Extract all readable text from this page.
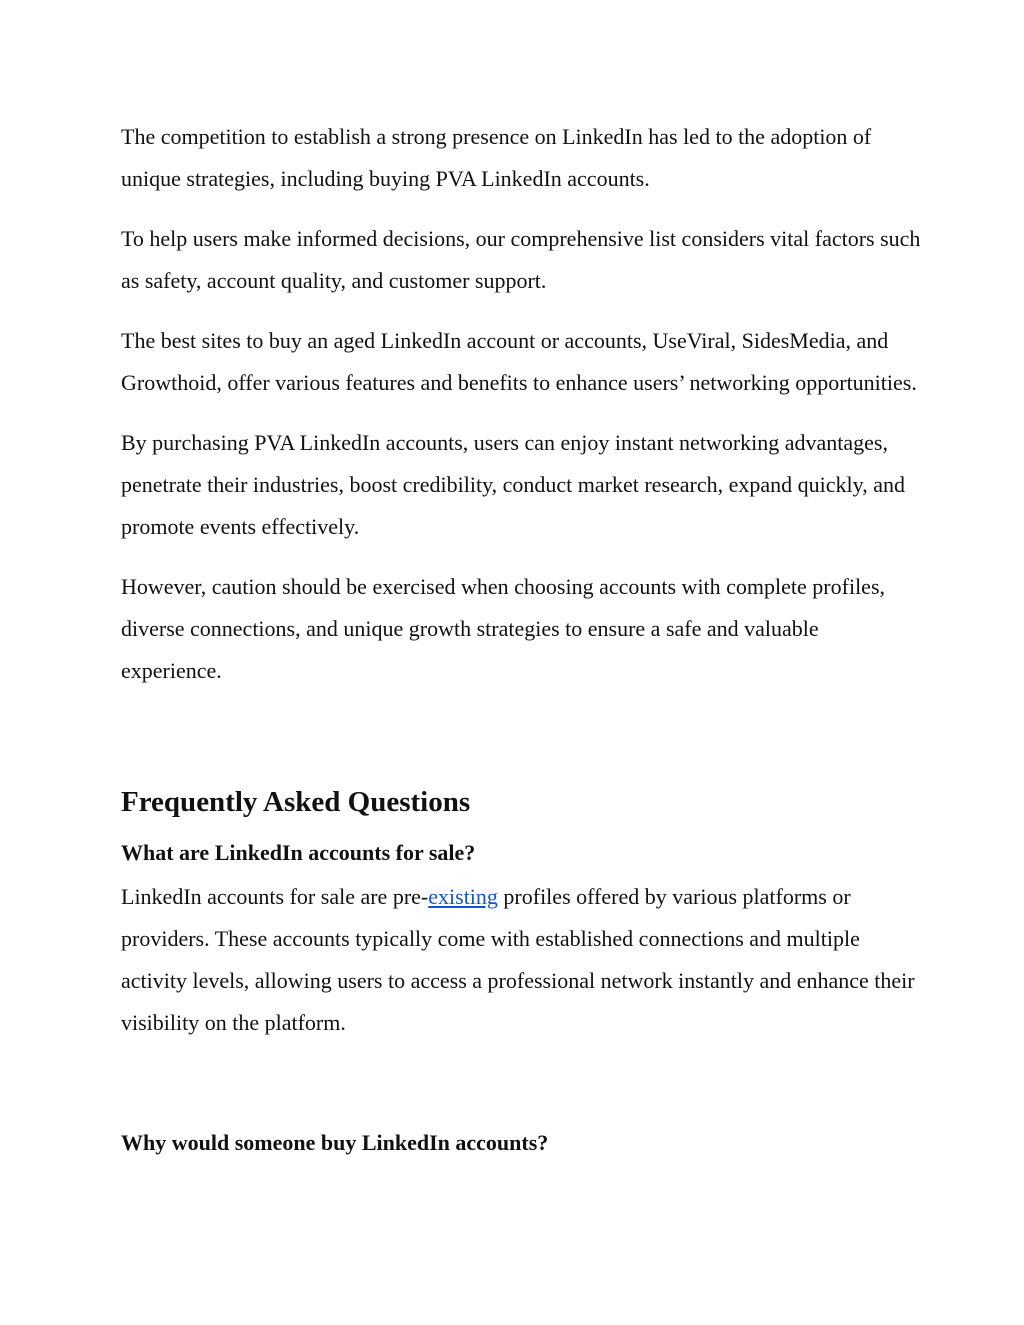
The competition to establish a strong presence on LinkedIn has led to the adoption of unique strategies, including buying PVA LinkedIn accounts.

To help users make informed decisions, our comprehensive list considers vital factors such as safety, account quality, and customer support.

The best sites to buy an aged LinkedIn account or accounts, UseViral, SidesMedia, and Growthoid, offer various features and benefits to enhance users’ networking opportunities.

By purchasing PVA LinkedIn accounts, users can enjoy instant networking advantages, penetrate their industries, boost credibility, conduct market research, expand quickly, and promote events effectively.

However, caution should be exercised when choosing accounts with complete profiles, diverse connections, and unique growth strategies to ensure a safe and valuable experience.

Frequently Asked Questions
What are LinkedIn accounts for sale?

LinkedIn accounts for sale are pre-existing profiles offered by various platforms or providers. These accounts typically come with established connections and multiple activity levels, allowing users to access a professional network instantly and enhance their visibility on the platform.

Why would someone buy LinkedIn accounts?
